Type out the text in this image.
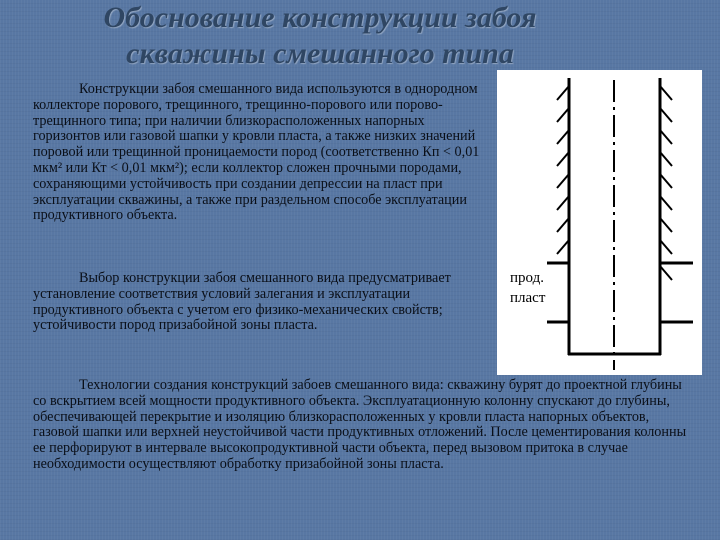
Обоснование конструкции забоя
скважины смешанного типа

Конструкции забоя смешанного вида используются в однородном коллекторе порового, трещинного, трещинно-порового или порово-трещинного типа; при наличии близкорасположенных напорных горизонтов или газовой шапки у кровли пласта, а также низких значений поровой или трещинной проницаемости пород (соответственно Кп < 0,01 мкм² или Кт < 0,01 мкм²); если коллектор сложен прочными породами, сохраняющими устойчивость при создании депрессии на пласт при эксплуатации скважины, а также при раздельном способе эксплуатации продуктивного объекта.

Выбор конструкции забоя смешанного вида предусматривает установление соответствия условий залегания и эксплуатации продуктивного объекта с учетом его физико-механических свойств; устойчивости пород призабойной зоны пласта.

Технологии создания конструкций забоев смешанного вида: скважину бурят до проектной глубины со вскрытием всей мощности продуктивного объекта. Эксплуатационную колонну спускают до глубины, обеспечивающей перекрытие и изоляцию близкорасположенных у кровли пласта напорных объектов, газовой шапки или верхней неустойчивой части продуктивных отложений. После цементирования колонны ее перфорируют в интервале высокопродуктивной части объекта, перед вызовом притока в случае необходимости осуществляют обработку призабойной зоны пласта.

прод.
пласт
